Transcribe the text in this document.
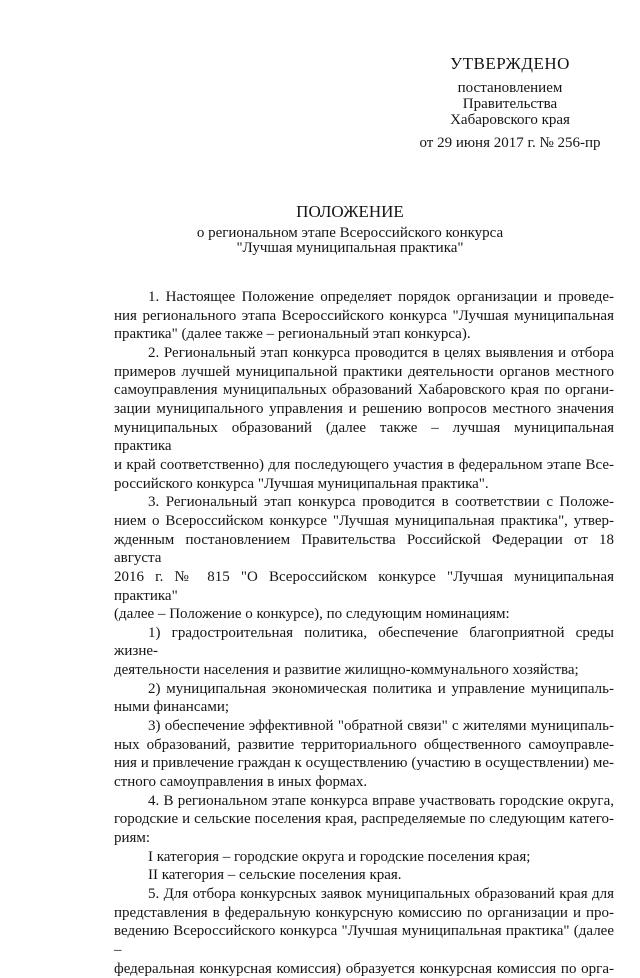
УТВЕРЖДЕНО
постановлением
Правительства
Хабаровского края
от 29 июня 2017 г. № 256-пр
ПОЛОЖЕНИЕ
о региональном этапе Всероссийского конкурса
"Лучшая муниципальная практика"

1. Настоящее Положение определяет порядок организации и проведе-

ния регионального этапа Всероссийского конкурса "Лучшая муниципальная

практика" (далее также – региональный этап конкурса).

2. Региональный этап конкурса проводится в целях выявления и отбора

примеров лучшей муниципальной практики деятельности органов местного

самоуправления муниципальных образований Хабаровского края по органи-

зации муниципального управления и решению вопросов местного значения

муниципальных образований (далее также – лучшая муниципальная практика

и край соответственно) для последующего участия в федеральном этапе Все-

российского конкурса "Лучшая муниципальная практика".

3. Региональный этап конкурса проводится в соответствии с Положе-

нием о Всероссийском конкурсе "Лучшая муниципальная практика", утвер-

жденным постановлением Правительства Российской Федерации от 18 августа

2016 г. № 815 "О Всероссийском конкурсе "Лучшая муниципальная практика"

(далее – Положение о конкурсе), по следующим номинациям:

1) градостроительная политика, обеспечение благоприятной среды жизне-

деятельности населения и развитие жилищно-коммунального хозяйства;

2) муниципальная экономическая политика и управление муниципаль-

ными финансами;

3) обеспечение эффективной "обратной связи" с жителями муниципаль-

ных образований, развитие территориального общественного самоуправле-

ния и привлечение граждан к осуществлению (участию в осуществлении) ме-

стного самоуправления в иных формах.

4. В региональном этапе конкурса вправе участвовать городские округа,

городские и сельские поселения края, распределяемые по следующим катего-

риям:

I категория – городские округа и городские поселения края;

II категория – сельские поселения края.

5. Для отбора конкурсных заявок муниципальных образований края для

представления в федеральную конкурсную комиссию по организации и про-

ведению Всероссийского конкурса "Лучшая муниципальная практика" (далее –

федеральная конкурсная комиссия) образуется конкурсная комиссия по орга-
